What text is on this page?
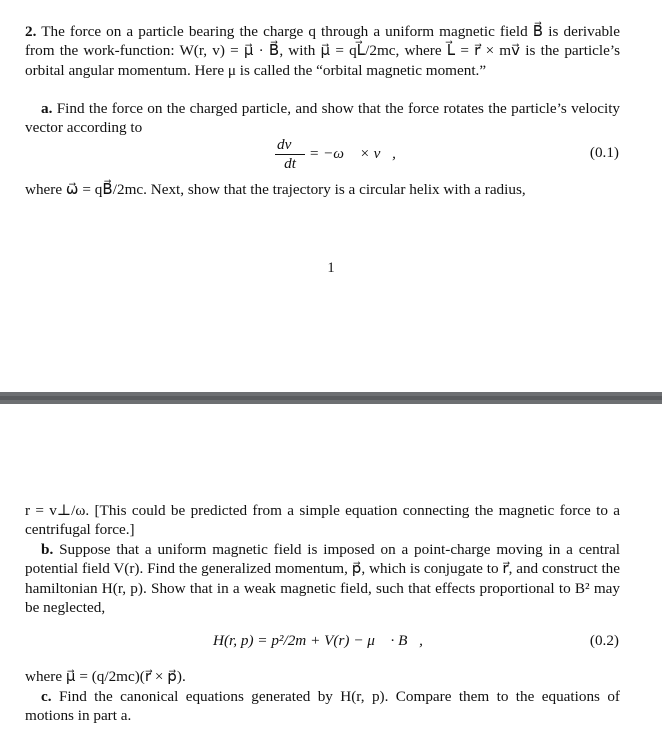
2. The force on a particle bearing the charge q through a uniform magnetic field B⃗ is derivable from the work-function: W(r, v) = μ⃗ · B⃗, with μ⃗ = qL⃗/2mc, where L⃗ = r⃗ × mv⃗ is the particle’s orbital angular momentum. Here μ is called the “orbital magnetic moment.”

a. Find the force on the charged particle, and show that the force rotates the particle’s velocity vector according to

$\frac{dv⃗}{dt}$ = −ω⃗ × v⃗,	(0.1)

where ω⃗ = qB⃗/2mc. Next, show that the trajectory is a circular helix with a radius,

1

r = v⊥/ω. [This could be predicted from a simple equation connecting the magnetic force to a centrifugal force.]

b. Suppose that a uniform magnetic field is imposed on a point-charge moving in a central potential field V(r). Find the generalized momentum, p⃗, which is conjugate to r⃗, and construct the hamiltonian H(r, p). Show that in a weak magnetic field, such that effects proportional to B² may be neglected,

H(r, p) = p²/2m + V(r) − μ⃗ · B⃗,	(0.2)

where μ⃗ = (q/2mc)(r⃗ × p⃗).

c. Find the canonical equations generated by H(r, p). Compare them to the equations of motions in part a.
